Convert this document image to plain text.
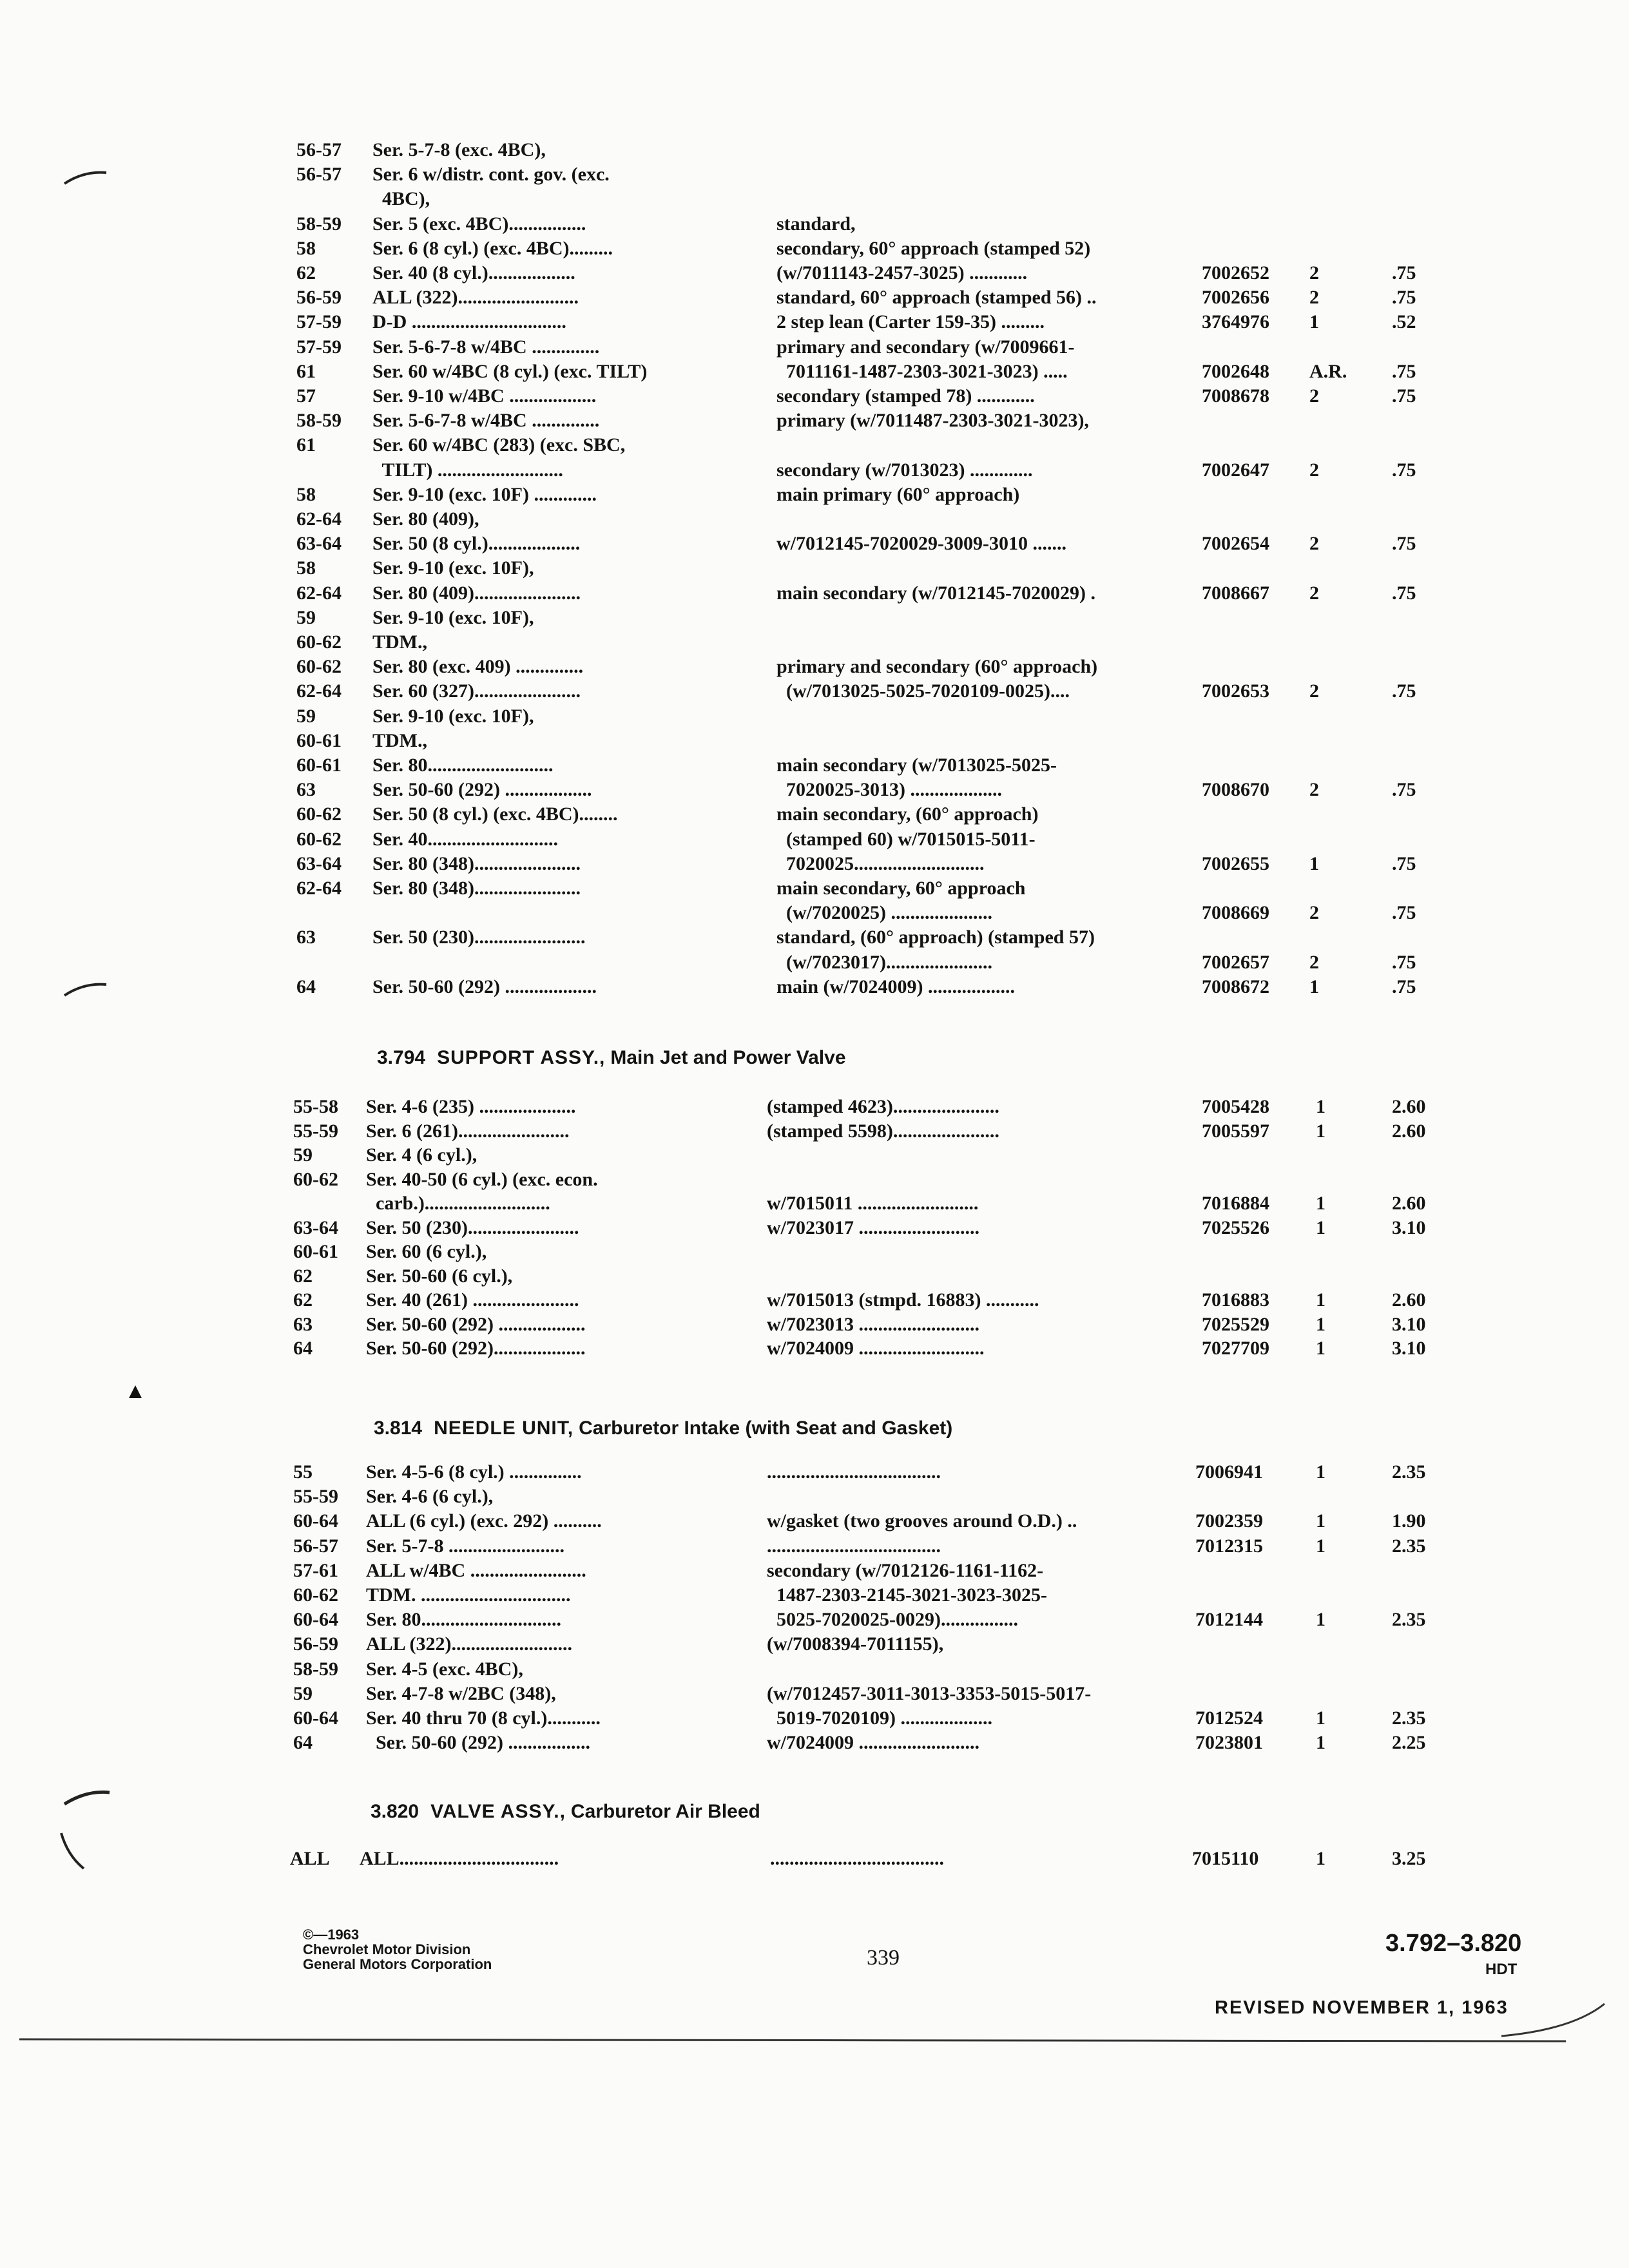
56-57 Ser. 5-7-8 (exc. 4BC),
56-57 Ser. 6 w/distr. cont. gov. (exc.
4BC),
58-59 Ser. 5 (exc. 4BC)................	standard,
58	Ser. 6 (8 cyl.) (exc. 4BC).........	secondary, 60° approach (stamped 52)
62	Ser. 40 (8 cyl.)..................	(w/7011143-2457-3025) ............	7002652 2	.75
56-59 ALL (322).........................	standard, 60° approach (stamped 56) ..	7002656 2	.75
57-59 D-D ................................	2 step lean (Carter 159-35) .........	3764976 1	.52
57-59 Ser. 5-6-7-8 w/4BC ..............	primary and secondary (w/7009661-
61	Ser. 60 w/4BC (8 cyl.) (exc. TILT)	7011161-1487-2303-3021-3023) .....	7002648 A.R. .75
57	Ser. 9-10 w/4BC ..................	secondary (stamped 78) ............	7008678 2	.75
58-59 Ser. 5-6-7-8 w/4BC ..............	primary (w/7011487-2303-3021-3023),
61	Ser. 60 w/4BC (283) (exc. SBC,
TILT) ..........................	secondary (w/7013023) .............	7002647 2	.75
58	Ser. 9-10 (exc. 10F) .............	main primary (60° approach)
62-64 Ser. 80 (409),
63-64 Ser. 50 (8 cyl.)...................	w/7012145-7020029-3009-3010 .......	7002654 2	.75
58	Ser. 9-10 (exc. 10F),
62-64 Ser. 80 (409)......................	main secondary (w/7012145-7020029) .	7008667 2	.75
59	Ser. 9-10 (exc. 10F),
60-62 TDM.,
60-62 Ser. 80 (exc. 409) ..............	primary and secondary (60° approach)
62-64 Ser. 60 (327)......................	(w/7013025-5025-7020109-0025)....	7002653 2	.75
59	Ser. 9-10 (exc. 10F),
60-61 TDM.,
60-61 Ser. 80..........................	main secondary (w/7013025-5025-
63	Ser. 50-60 (292) ..................	7020025-3013) ...................	7008670 2	.75
60-62 Ser. 50 (8 cyl.) (exc. 4BC)........	main secondary, (60° approach)
60-62 Ser. 40...........................	(stamped 60) w/7015015-5011-
63-64 Ser. 80 (348)......................	7020025...........................	7002655 1	.75
62-64 Ser. 80 (348)......................	main secondary, 60° approach
(w/7020025) .....................	7008669 2	.75
63	Ser. 50 (230).......................	standard, (60° approach) (stamped 57)
(w/7023017)......................	7002657 2	.75
64	Ser. 50-60 (292) ...................	main (w/7024009) ..................	7008672 1	.75
3.794 SUPPORT ASSY., Main Jet and Power Valve
55-58 Ser. 4-6 (235) ....................	(stamped 4623)......................	7005428 1	2.60
55-59 Ser. 6 (261).......................	(stamped 5598)......................	7005597 1	2.60
59	Ser. 4 (6 cyl.),
60-62 Ser. 40-50 (6 cyl.) (exc. econ.
carb.)..........................	w/7015011 .........................	7016884 1	2.60
63-64 Ser. 50 (230).......................	w/7023017 .........................	7025526 1	3.10
60-61 Ser. 60 (6 cyl.),
62	Ser. 50-60 (6 cyl.),
62	Ser. 40 (261) ......................	w/7015013 (stmpd. 16883) ...........	7016883 1	2.60
63	Ser. 50-60 (292) ..................	w/7023013 .........................	7025529 1	3.10
64	Ser. 50-60 (292)...................	w/7024009 ..........................	7027709 1	3.10
3.814 NEEDLE UNIT, Carburetor Intake (with Seat and Gasket)
55	Ser. 4-5-6 (8 cyl.) ...............	....................................	7006941	1	2.35
55-59 Ser. 4-6 (6 cyl.),
60-64 ALL (6 cyl.) (exc. 292) ..........	w/gasket (two grooves around O.D.) ..	7002359	1	1.90
56-57 Ser. 5-7-8 ........................	....................................	7012315	1	2.35
57-61 ALL w/4BC ........................	secondary (w/7012126-1161-1162-
60-62 TDM. ...............................	1487-2303-2145-3021-3023-3025-
60-64 Ser. 80.............................	5025-7020025-0029)................	7012144	1	2.35
56-59 ALL (322).........................	(w/7008394-7011155),
58-59 Ser. 4-5 (exc. 4BC),
59	Ser. 4-7-8 w/2BC (348),	(w/7012457-3011-3013-3353-5015-5017-
60-64 Ser. 40 thru 70 (8 cyl.)...........	5019-7020109) ...................	7012524	1	2.35
64	Ser. 50-60 (292) .................	w/7024009 .........................	7023801	1	2.25
3.820 VALVE ASSY., Carburetor Air Bleed
ALL ALL.................................	....................................	7015110	1	3.25
©—1963
Chevrolet Motor Division
General Motors Corporation	339
3.792–3.820
HDT
REVISED NOVEMBER 1, 1963
